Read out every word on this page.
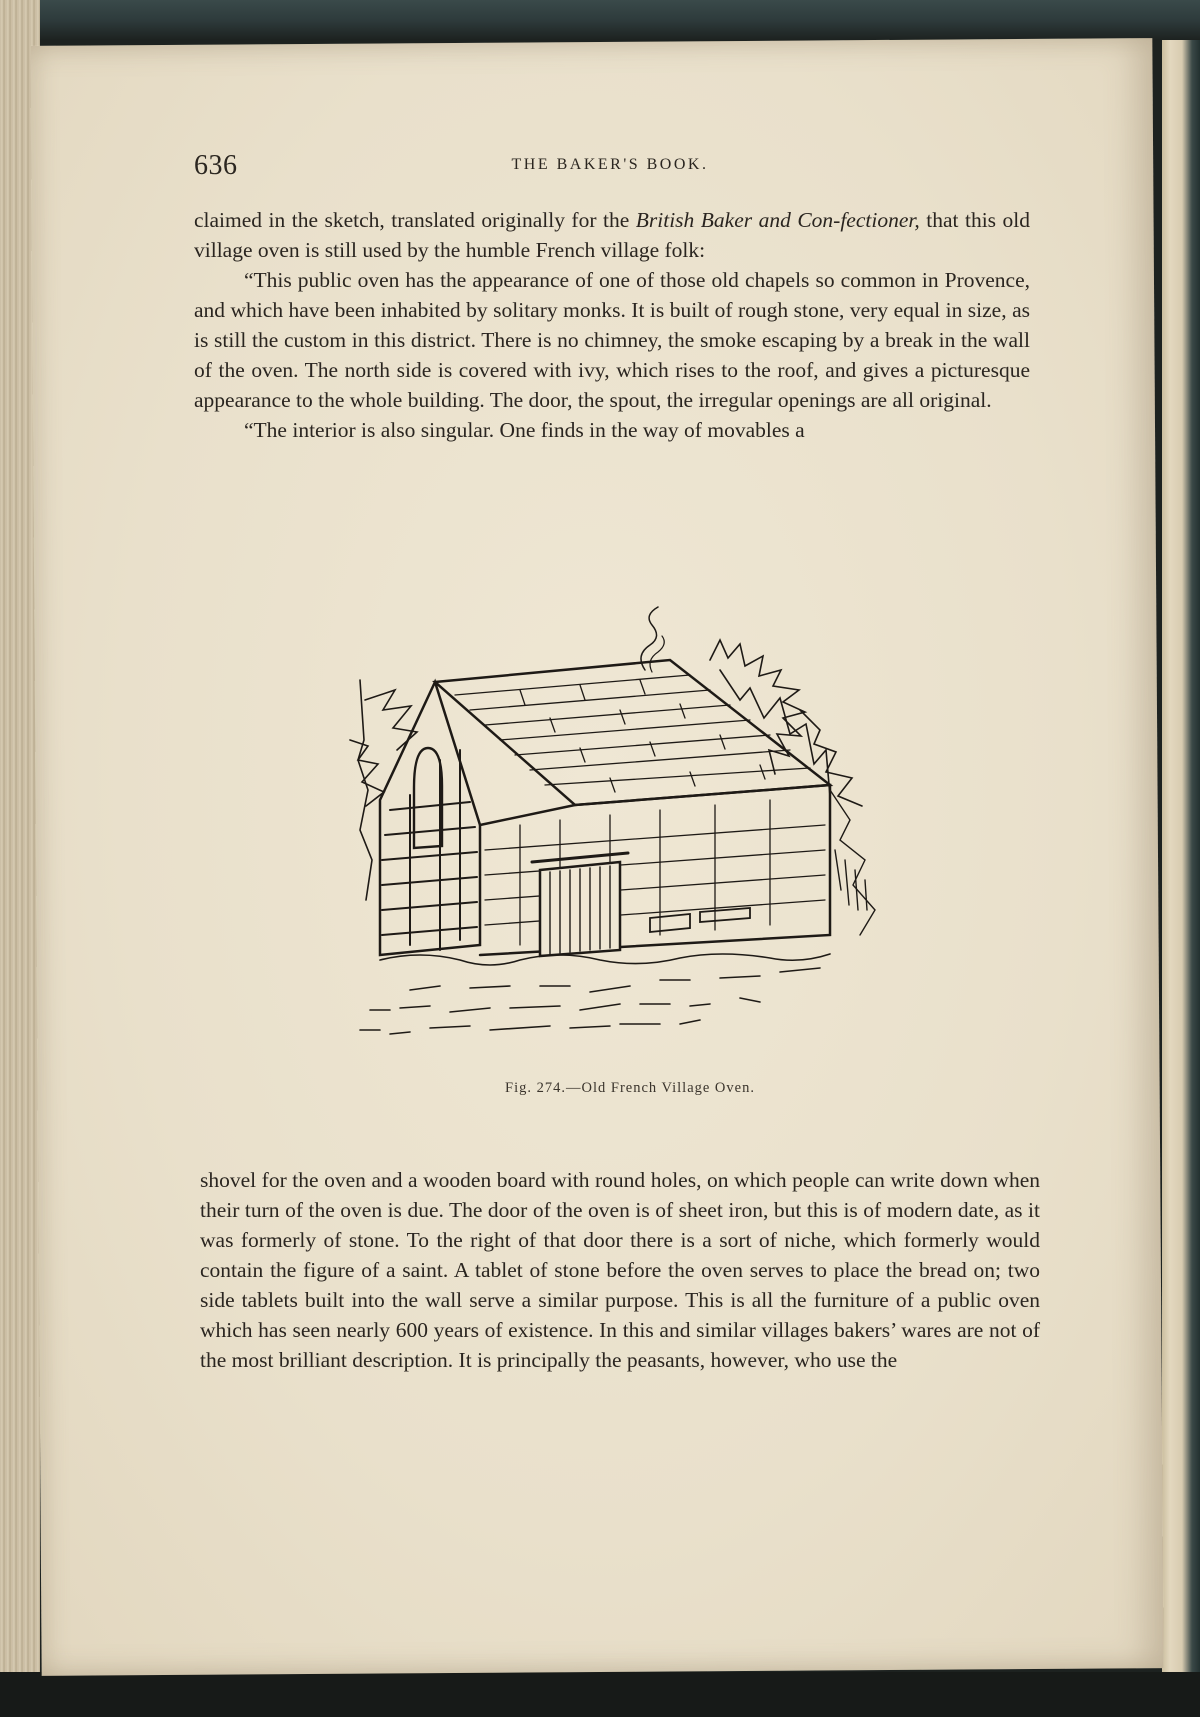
636	THE BAKER'S BOOK.

claimed in the sketch, translated originally for the British Baker and Con-fectioner, that this old village oven is still used by the humble French village folk:

“This public oven has the appearance of one of those old chapels so common in Provence, and which have been inhabited by solitary monks. It is built of rough stone, very equal in size, as is still the custom in this district. There is no chimney, the smoke escaping by a break in the wall of the oven. The north side is covered with ivy, which rises to the roof, and gives a picturesque appearance to the whole building. The door, the spout, the irregular openings are all original.

“The interior is also singular. One finds in the way of movables a

Fig. 274.—Old French Village Oven.

shovel for the oven and a wooden board with round holes, on which people can write down when their turn of the oven is due. The door of the oven is of sheet iron, but this is of modern date, as it was formerly of stone. To the right of that door there is a sort of niche, which formerly would contain the figure of a saint. A tablet of stone before the oven serves to place the bread on; two side tablets built into the wall serve a similar purpose. This is all the furniture of a public oven which has seen nearly 600 years of existence. In this and similar villages bakers’ wares are not of the most brilliant description. It is principally the peasants, however, who use the
